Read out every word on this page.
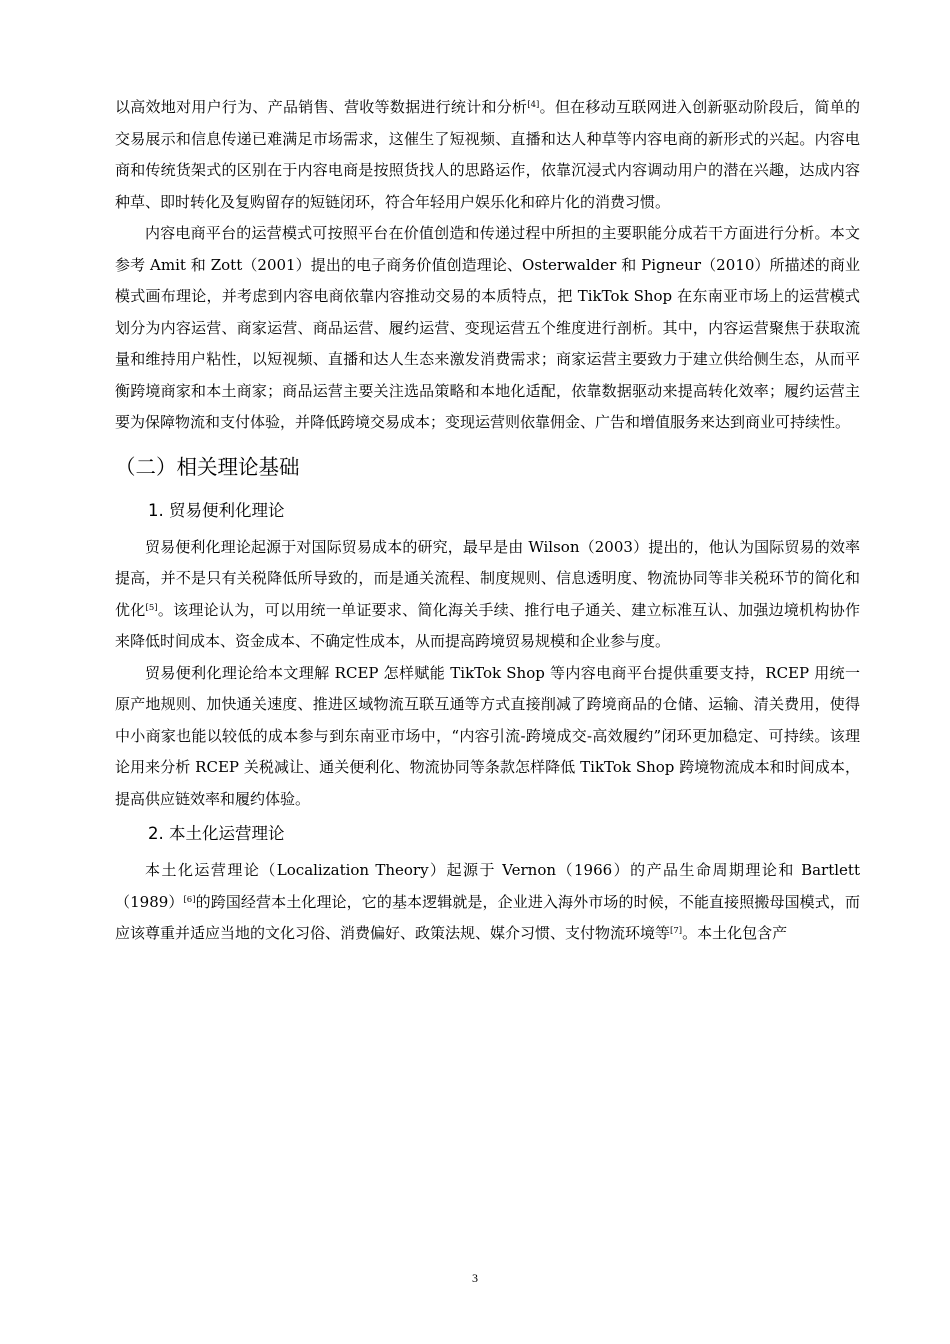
以高效地对用户行为、产品销售、营收等数据进行统计和分析[4]。但在移动互联网进入创新驱动阶段后，简单的交易展示和信息传递已难满足市场需求，这催生了短视频、直播和达人种草等内容电商的新形式的兴起。内容电商和传统货架式的区别在于内容电商是按照货找人的思路运作，依靠沉浸式内容调动用户的潜在兴趣，达成内容种草、即时转化及复购留存的短链闭环，符合年轻用户娱乐化和碎片化的消费习惯。

内容电商平台的运营模式可按照平台在价值创造和传递过程中所担的主要职能分成若干方面进行分析。本文参考 Amit 和 Zott（2001）提出的电子商务价值创造理论、Osterwalder 和 Pigneur（2010）所描述的商业模式画布理论，并考虑到内容电商依靠内容推动交易的本质特点，把 TikTok Shop 在东南亚市场上的运营模式划分为内容运营、商家运营、商品运营、履约运营、变现运营五个维度进行剖析。其中，内容运营聚焦于获取流量和维持用户粘性，以短视频、直播和达人生态来激发消费需求；商家运营主要致力于建立供给侧生态，从而平衡跨境商家和本土商家；商品运营主要关注选品策略和本地化适配，依靠数据驱动来提高转化效率；履约运营主要为保障物流和支付体验，并降低跨境交易成本；变现运营则依靠佣金、广告和增值服务来达到商业可持续性。

（二）相关理论基础
1. 贸易便利化理论

贸易便利化理论起源于对国际贸易成本的研究，最早是由 Wilson（2003）提出的，他认为国际贸易的效率提高，并不是只有关税降低所导致的，而是通关流程、制度规则、信息透明度、物流协同等非关税环节的简化和优化[5]。该理论认为，可以用统一单证要求、简化海关手续、推行电子通关、建立标准互认、加强边境机构协作来降低时间成本、资金成本、不确定性成本，从而提高跨境贸易规模和企业参与度。

贸易便利化理论给本文理解 RCEP 怎样赋能 TikTok Shop 等内容电商平台提供重要支持，RCEP 用统一原产地规则、加快通关速度、推进区域物流互联互通等方式直接削减了跨境商品的仓储、运输、清关费用，使得中小商家也能以较低的成本参与到东南亚市场中，“内容引流-跨境成交-高效履约”闭环更加稳定、可持续。该理论用来分析 RCEP 关税减让、通关便利化、物流协同等条款怎样降低 TikTok Shop 跨境物流成本和时间成本，提高供应链效率和履约体验。

2. 本土化运营理论

本土化运营理论（Localization Theory）起源于 Vernon（1966）的产品生命周期理论和 Bartlett（1989）[6]的跨国经营本土化理论，它的基本逻辑就是，企业进入海外市场的时候，不能直接照搬母国模式，而应该尊重并适应当地的文化习俗、消费偏好、政策法规、媒介习惯、支付物流环境等[7]。本土化包含产

3
